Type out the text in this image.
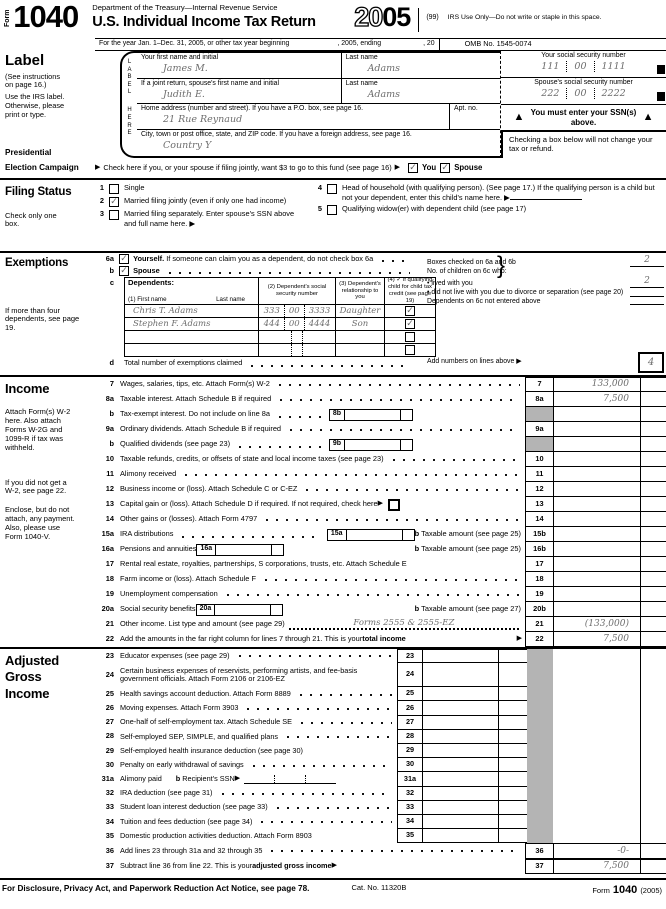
Form 1040 Department of the Treasury—Internal Revenue Service
U.S. Individual Income Tax Return	2005 (99) IRS Use Only—Do not write or staple in this space.
For the year Jan. 1–Dec. 31, 2005, or other tax year beginning	, 2005, ending	, 20	OMB No. 1545-0074
Label
(See instructions on page 16.)
Use the IRS label. Otherwise, please print or type.
Presidential
L
A
B
E
L
H
E
R
E
Your first name and initial
James M.
Last name
Adams
If a joint return, spouse's first name and initial
Judith E.
Last name
Adams
Home address (number and street). If you have a P.O. box, see page 16.
21 Rue Reynaud
Apt. no.
City, town or post office, state, and ZIP code. If you have a foreign address, see page 16.
Country Y
Your social security number
111	00	1111
Spouse's social security number
222	00	2222
▲ You must enter your SSN(s) above.	▲
Checking a box below will not change your tax or refund.
Election Campaign	▶ Check here if you, or your spouse if filing jointly, want $3 to go to this fund (see page 16) ▶ ✓ You ✓ Spouse
Filing Status
Check only one box.
1	Single
2 ✓ Married filing jointly (even if only one had income)
3	Married filing separately. Enter spouse's SSN above
and full name here. ▶
4	Head of household (with qualifying person). (See page 17.) If the qualifying person is a child but not your dependent, enter this child's name here. ▶
5	Qualifying widow(er) with dependent child (see page 17)
Exemptions
If more than four dependents, see page 19.
6a ✓ Yourself. If someone can claim you as a dependent, do not check box 6a
b ✓ Spouse
c	Dependents:
(1) First name	Last name
(2) Dependent's social security number
(3) Dependent's relationship to you
(4) ✓ if qualifying child for child tax credit (see page 19)
Chris T. Adams	333	00	3333	Daughter	✓
Stephen F. Adams	444	00	4444	Son	✓

d	Total number of exemptions claimed
}
Boxes checked on 6a and 6b	2
No. of children on 6c who:
• lived with you	2
• did not live with you due to divorce or separation (see page 20)
Dependents on 6c not entered above
Add numbers on lines above ▶	4
Income
Attach Form(s) W-2 here. Also attach Forms W-2G and 1099-R if tax was withheld.
If you did not get a W-2, see page 22.
Enclose, but do not attach, any payment. Also, please use Form 1040-V.
7 Wages, salaries, tips, etc. Attach Form(s) W-2	7	133,000
8a Taxable interest. Attach Schedule B if required	8a	7,500
b Tax-exempt interest. Do not include on line 8a	8b
9a Ordinary dividends. Attach Schedule B if required	9a
b Qualified dividends (see page 23)	9b
10 Taxable refunds, credits, or offsets of state and local income taxes (see page 23)	10
11 Alimony received	11
12 Business income or (loss). Attach Schedule C or C-EZ	12
13 Capital gain or (loss). Attach Schedule D if required. If not required, check here ▶	13
14 Other gains or (losses). Attach Form 4797	14
15a IRA distributions	15a	b Taxable amount (see page 25)	15b
16a Pensions and annuities 16a	b Taxable amount (see page 25)	16b
17 Rental real estate, royalties, partnerships, S corporations, trusts, etc. Attach Schedule E	17
18 Farm income or (loss). Attach Schedule F	18
19 Unemployment compensation	19
20a Social security benefits 20a	b Taxable amount (see page 27)	20b
21 Other income. List type and amount (see page 29)	Forms 2555 & 2555-EZ	21	(133,000)
22 Add the amounts in the far right column for lines 7 through 21. This is your total income	▶	22	7,500
Adjusted
Gross
Income
23 Educator expenses (see page 29)	23
24 Certain business expenses of reservists, performing artists, and fee-basis government officials. Attach Form 2106 or 2106-EZ
24
25 Health savings account deduction. Attach Form 8889	25
26 Moving expenses. Attach Form 3903	26
27 One-half of self-employment tax. Attach Schedule SE	27
28 Self-employed SEP, SIMPLE, and qualified plans	28
29 Self-employed health insurance deduction (see page 30)	29
30 Penalty on early withdrawal of savings	30
31a Alimony paid b Recipient's SSN ▶	31a
32 IRA deduction (see page 31)	32
33 Student loan interest deduction (see page 33)	33
34 Tuition and fees deduction (see page 34)	34
35 Domestic production activities deduction. Attach Form 8903	35
36 Add lines 23 through 31a and 32 through 35	36	-0-
37 Subtract line 36 from line 22. This is your adjusted gross income ▶	37	7,500
For Disclosure, Privacy Act, and Paperwork Reduction Act Notice, see page 78.	Cat. No. 11320B	Form 1040 (2005)
